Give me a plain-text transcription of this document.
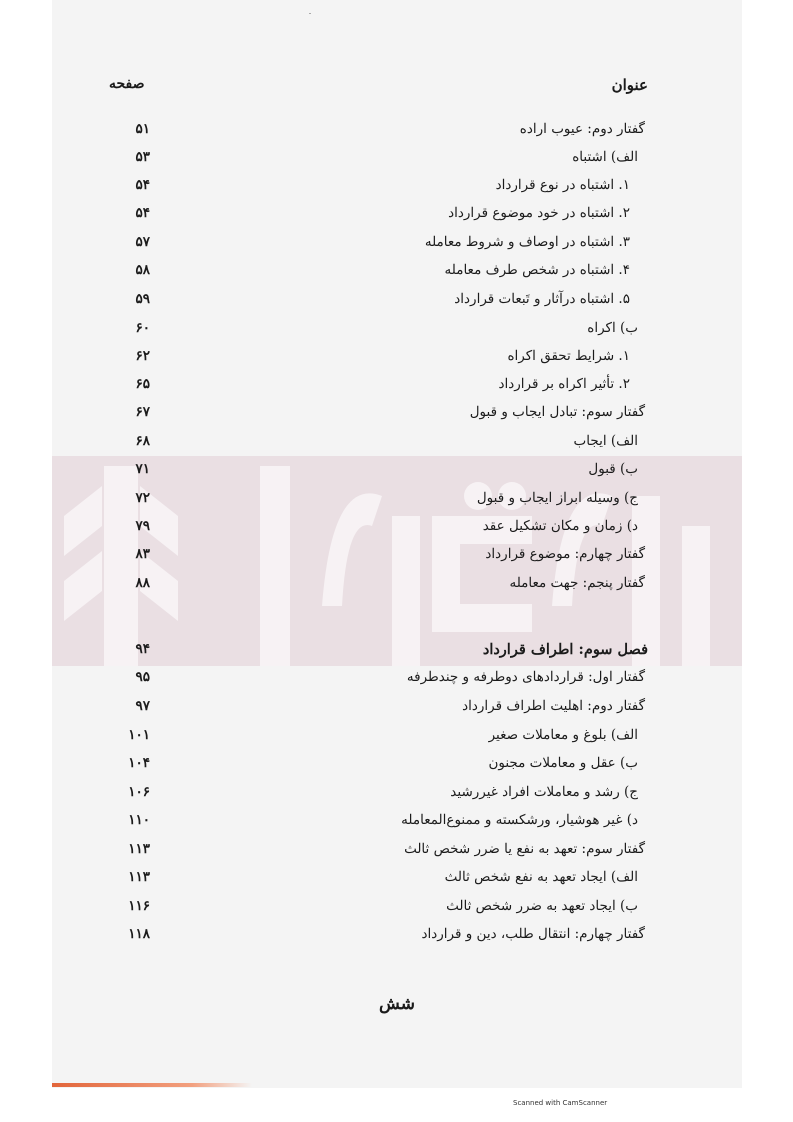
عنوان
صفحه
گفتار دوم: عیوب اراده
۵۱
الف) اشتباه
۵۳
۱. اشتباه در نوع قرارداد
۵۴
۲. اشتباه در خود موضوع قرارداد
۵۴
۳. اشتباه در اوصاف و شروط معامله
۵۷
۴. اشتباه در شخص طرف معامله
۵۸
۵. اشتباه درآثار و تَبعات قرارداد
۵۹
ب) اکراه
۶۰
۱. شرایط تحقق اکراه
۶۲
۲. تأثیر اکراه بر قرارداد
۶۵
گفتار سوم: تبادل ایجاب و قبول
۶۷
الف) ایجاب
۶۸
ب) قبول
۷۱
ج) وسیله ابراز ایجاب و قبول
۷۲
د) زمان و مکان تشکیل عقد
۷۹
گفتار چهارم: موضوع قرارداد
۸۳
گفتار پنجم: جهت معامله
۸۸
فصل سوم: اطراف قرارداد
۹۴
گفتار اول: قراردادهای دوطرفه و چندطرفه
۹۵
گفتار دوم: اهلیت اطراف قرارداد
۹۷
الف) بلوغ و معاملات صغیر
۱۰۱
ب) عقل و معاملات مجنون
۱۰۴
ج) رشد و معاملات افراد غیررشید
۱۰۶
د) غیر هوشیار، ورشکسته و ممنوع‌المعامله
۱۱۰
گفتار سوم: تعهد به نفع یا ضرر شخص ثالث
۱۱۳
الف) ایجاد تعهد به نفع شخص ثالث
۱۱۳
ب) ایجاد تعهد به ضرر شخص ثالث
۱۱۶
گفتار چهارم: انتقال طلب، دین و قرارداد
۱۱۸
شش
Scanned with CamScanner
